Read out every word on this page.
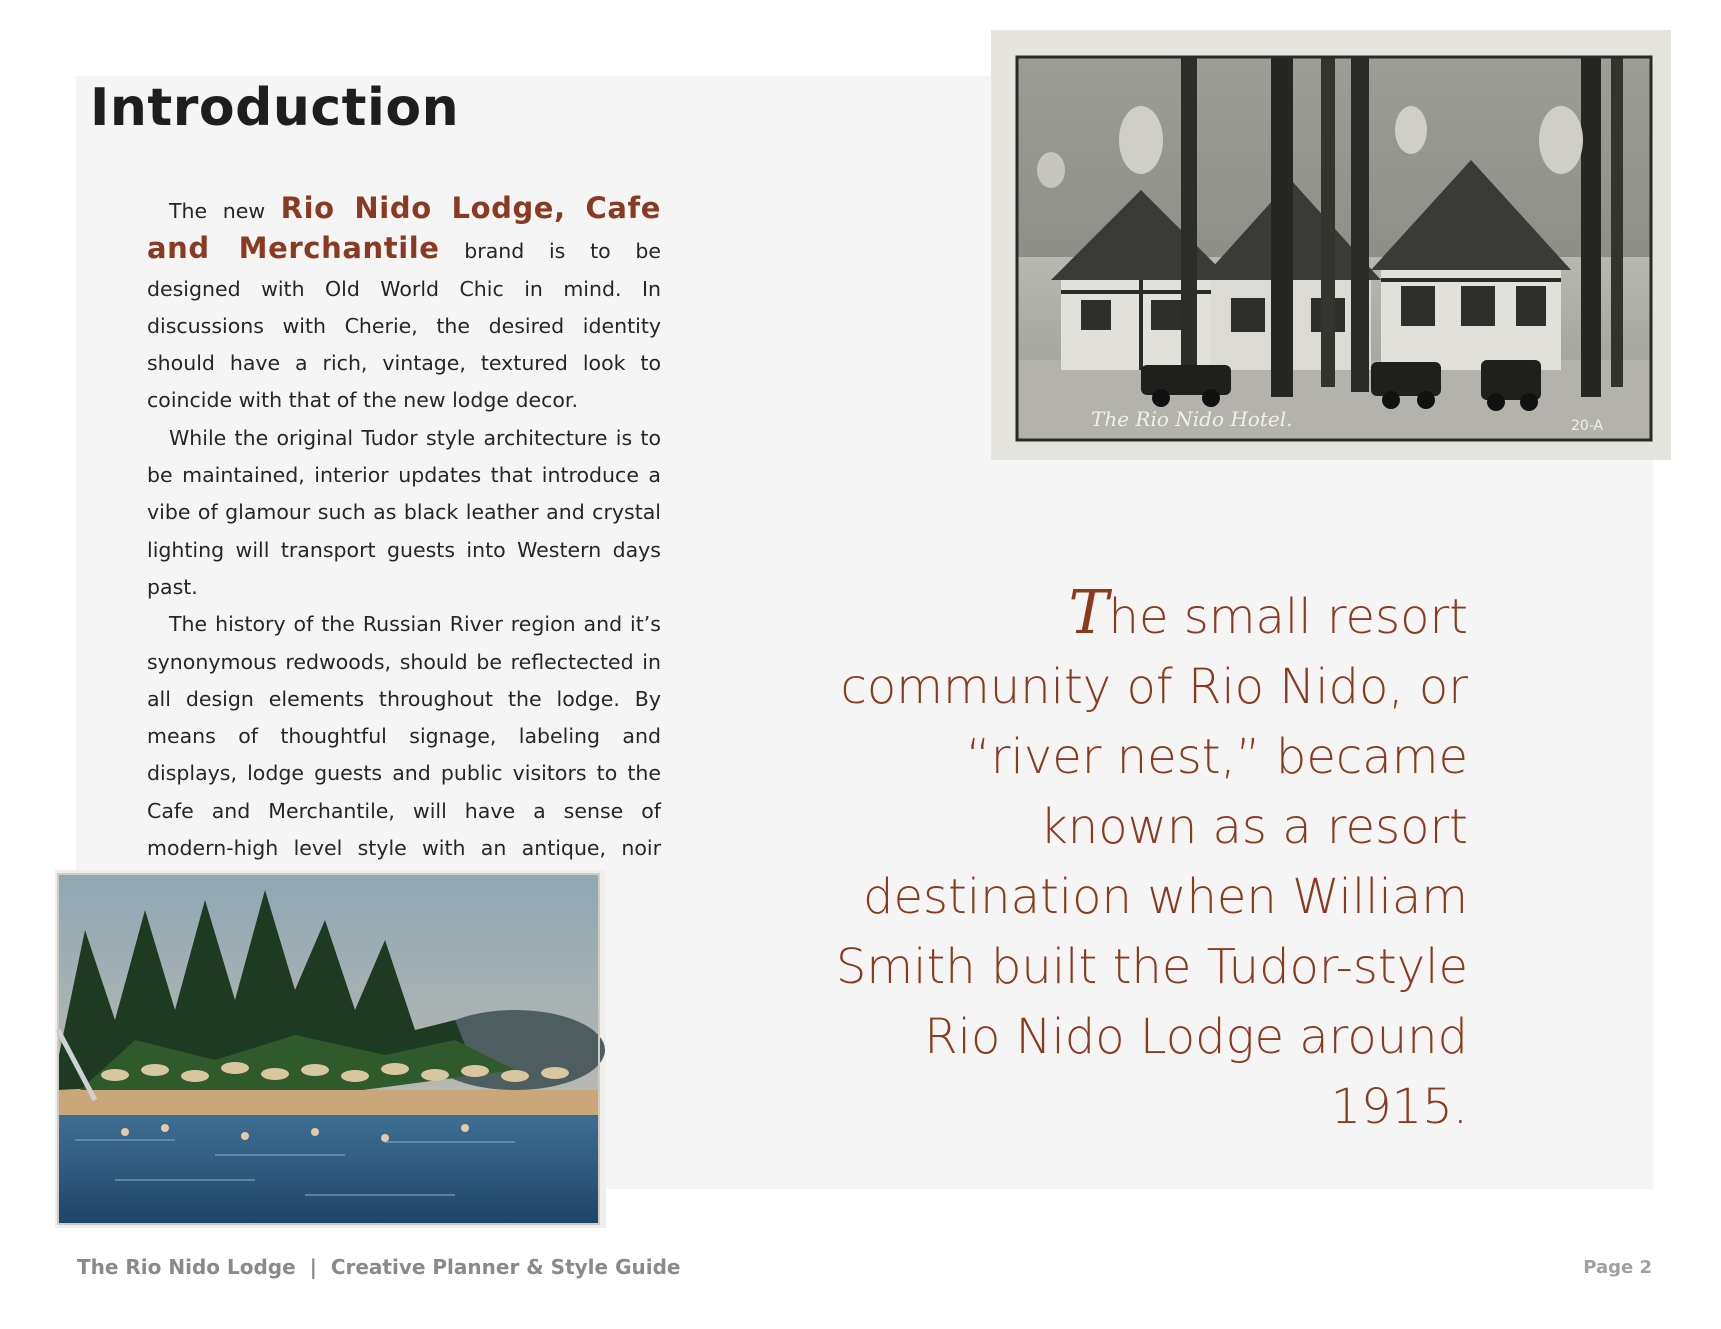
Introduction

The new Rio Nido Lodge, Cafe and Merchantile brand is to be designed with Old World Chic in mind. In discussions with Cherie, the desired identity should have a rich, vintage, textured look to coincide with that of the new lodge decor.

While the original Tudor style architecture is to be maintained, interior updates that introduce a vibe of glamour such as black leather and crystal lighting will transport guests into Western days past.

The history of the Russian River region and it’s synonymous redwoods, should be reflectected in all design elements throughout the lodge. By means of thoughtful signage, labeling and displays, lodge guests and public visitors to the Cafe and Merchantile, will have a sense of modern-high level style with an antique, noir

The Rio Nido Hotel.	20-A
The small resort community of Rio Nido, or “river nest,” became known as a resort destination when William Smith built the Tudor-style Rio Nido Lodge around 1915.
The Rio Nido Lodge  |  Creative Planner & Style Guide	Page 2
